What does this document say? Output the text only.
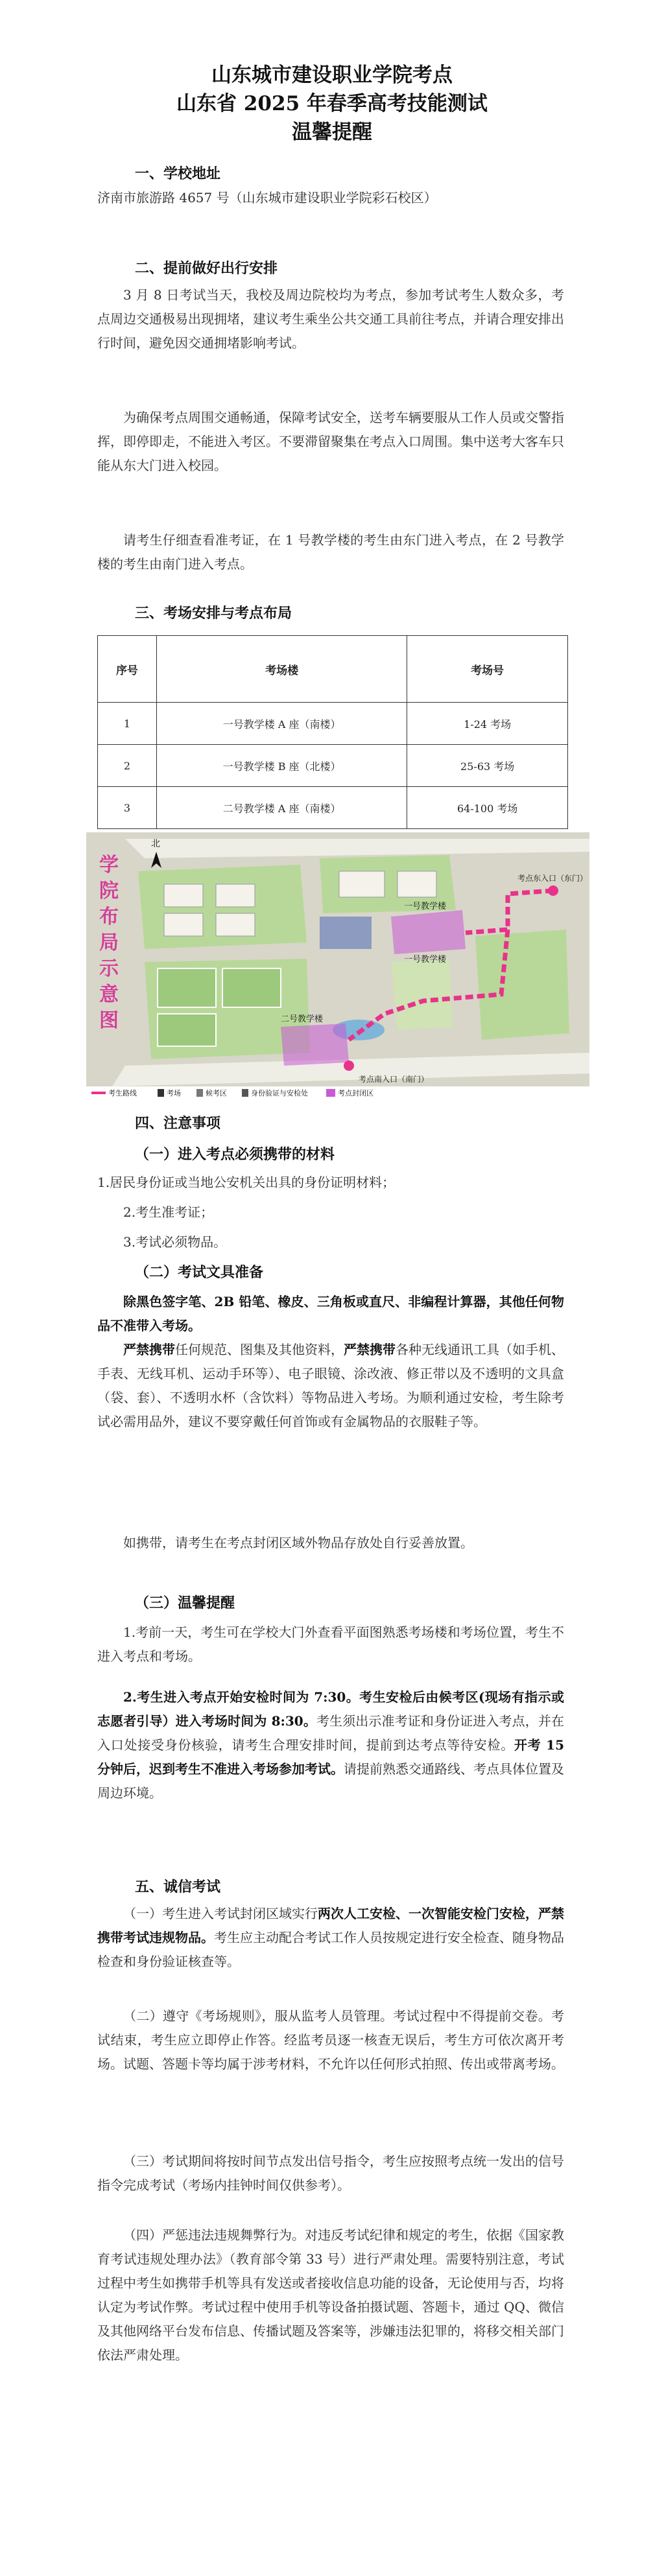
山东城市建设职业学院考点
山东省 2025 年春季高考技能测试
温馨提醒
一、学校地址
济南市旅游路 4657 号（山东城市建设职业学院彩石校区）
二、提前做好出行安排
3 月 8 日考试当天，我校及周边院校均为考点，参加考试考生人数众多，考点周边交通极易出现拥堵，建议考生乘坐公共交通工具前往考点，并请合理安排出行时间，避免因交通拥堵影响考试。
为确保考点周围交通畅通，保障考试安全，送考车辆要服从工作人员或交警指挥，即停即走，不能进入考区。不要滞留聚集在考点入口周围。集中送考大客车只能从东大门进入校园。
请考生仔细查看准考证，在 1 号教学楼的考生由东门进入考点，在 2 号教学楼的考生由南门进入考点。
三、考场安排与考点布局
序号	考场楼	考场号
1	一号教学楼 A 座（南楼）	1-24 考场
2	一号教学楼 B 座（北楼）	25-63 考场
3	二号教学楼 A 座（南楼）	64-100 考场
一号教学楼
一号教学楼
二号教学楼
考点东入口（东门）
考点南入口（南门）
北
学
院
布
局
示
意
图
考生路线	考场	候考区	身份验证与安检处	考点封闭区
四、注意事项
（一）进入考点必须携带的材料
1.居民身份证或当地公安机关出具的身份证明材料；
2.考生准考证；
3.考试必须物品。
（二）考试文具准备
除黑色签字笔、2B 铅笔、橡皮、三角板或直尺、非编程计算器，其他任何物品不准带入考场。
严禁携带任何规范、图集及其他资料，严禁携带各种无线通讯工具（如手机、手表、无线耳机、运动手环等）、电子眼镜、涂改液、修正带以及不透明的文具盒（袋、套）、不透明水杯（含饮料）等物品进入考场。为顺利通过安检，考生除考试必需用品外，建议不要穿戴任何首饰或有金属物品的衣服鞋子等。
如携带，请考生在考点封闭区域外物品存放处自行妥善放置。
（三）温馨提醒
1.考前一天，考生可在学校大门外查看平面图熟悉考场楼和考场位置，考生不进入考点和考场。
2.考生进入考点开始安检时间为 7:30。考生安检后由候考区(现场有指示或志愿者引导）进入考场时间为 8:30。考生须出示准考证和身份证进入考点，并在入口处接受身份核验，请考生合理安排时间，提前到达考点等待安检。开考 15 分钟后，迟到考生不准进入考场参加考试。请提前熟悉交通路线、考点具体位置及周边环境。
五、诚信考试
（一）考生进入考试封闭区域实行两次人工安检、一次智能安检门安检，严禁携带考试违规物品。考生应主动配合考试工作人员按规定进行安全检查、随身物品检查和身份验证核查等。
（二）遵守《考场规则》，服从监考人员管理。考试过程中不得提前交卷。考试结束，考生应立即停止作答。经监考员逐一核查无误后，考生方可依次离开考场。试题、答题卡等均属于涉考材料，不允许以任何形式拍照、传出或带离考场。
（三）考试期间将按时间节点发出信号指令，考生应按照考点统一发出的信号指令完成考试（考场内挂钟时间仅供参考）。
（四）严惩违法违规舞弊行为。对违反考试纪律和规定的考生，依据《国家教育考试违规处理办法》（教育部令第 33 号）进行严肃处理。需要特别注意，考试过程中考生如携带手机等具有发送或者接收信息功能的设备，无论使用与否，均将认定为考试作弊。考试过程中使用手机等设备拍摄试题、答题卡，通过 QQ、微信及其他网络平台发布信息、传播试题及答案等，涉嫌违法犯罪的，将移交相关部门依法严肃处理。
